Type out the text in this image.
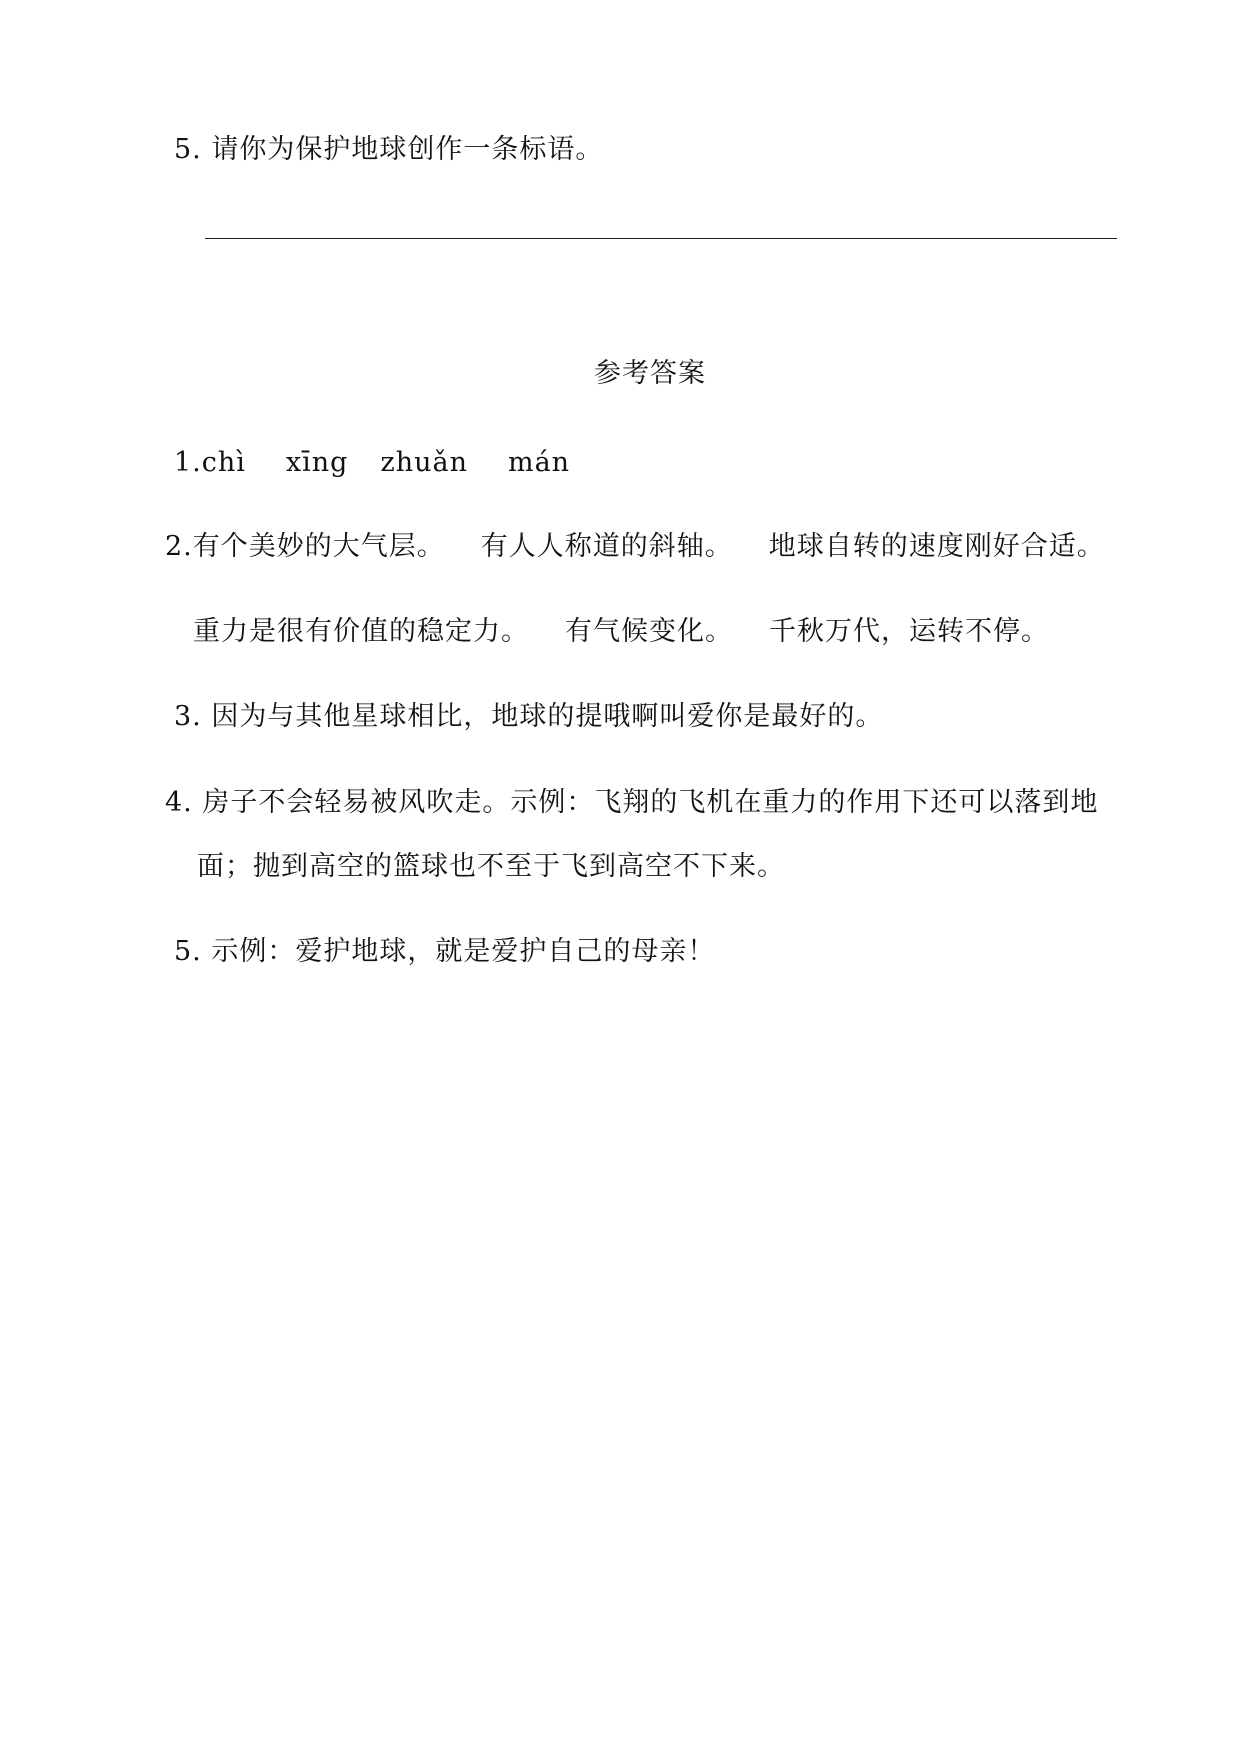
5. 请你为保护地球创作一条标语。
参考答案
1.chì xīng zhuǎn mán
2.有个美妙的大气层。 有人人称道的斜轴。 地球自转的速度刚好合适。
重力是很有价值的稳定力。 有气候变化。 千秋万代，运转不停。
3. 因为与其他星球相比，地球的提哦啊叫爱你是最好的。
4. 房子不会轻易被风吹走。示例：飞翔的飞机在重力的作用下还可以落到地
面；抛到高空的篮球也不至于飞到高空不下来。
5. 示例：爱护地球，就是爱护自己的母亲！
